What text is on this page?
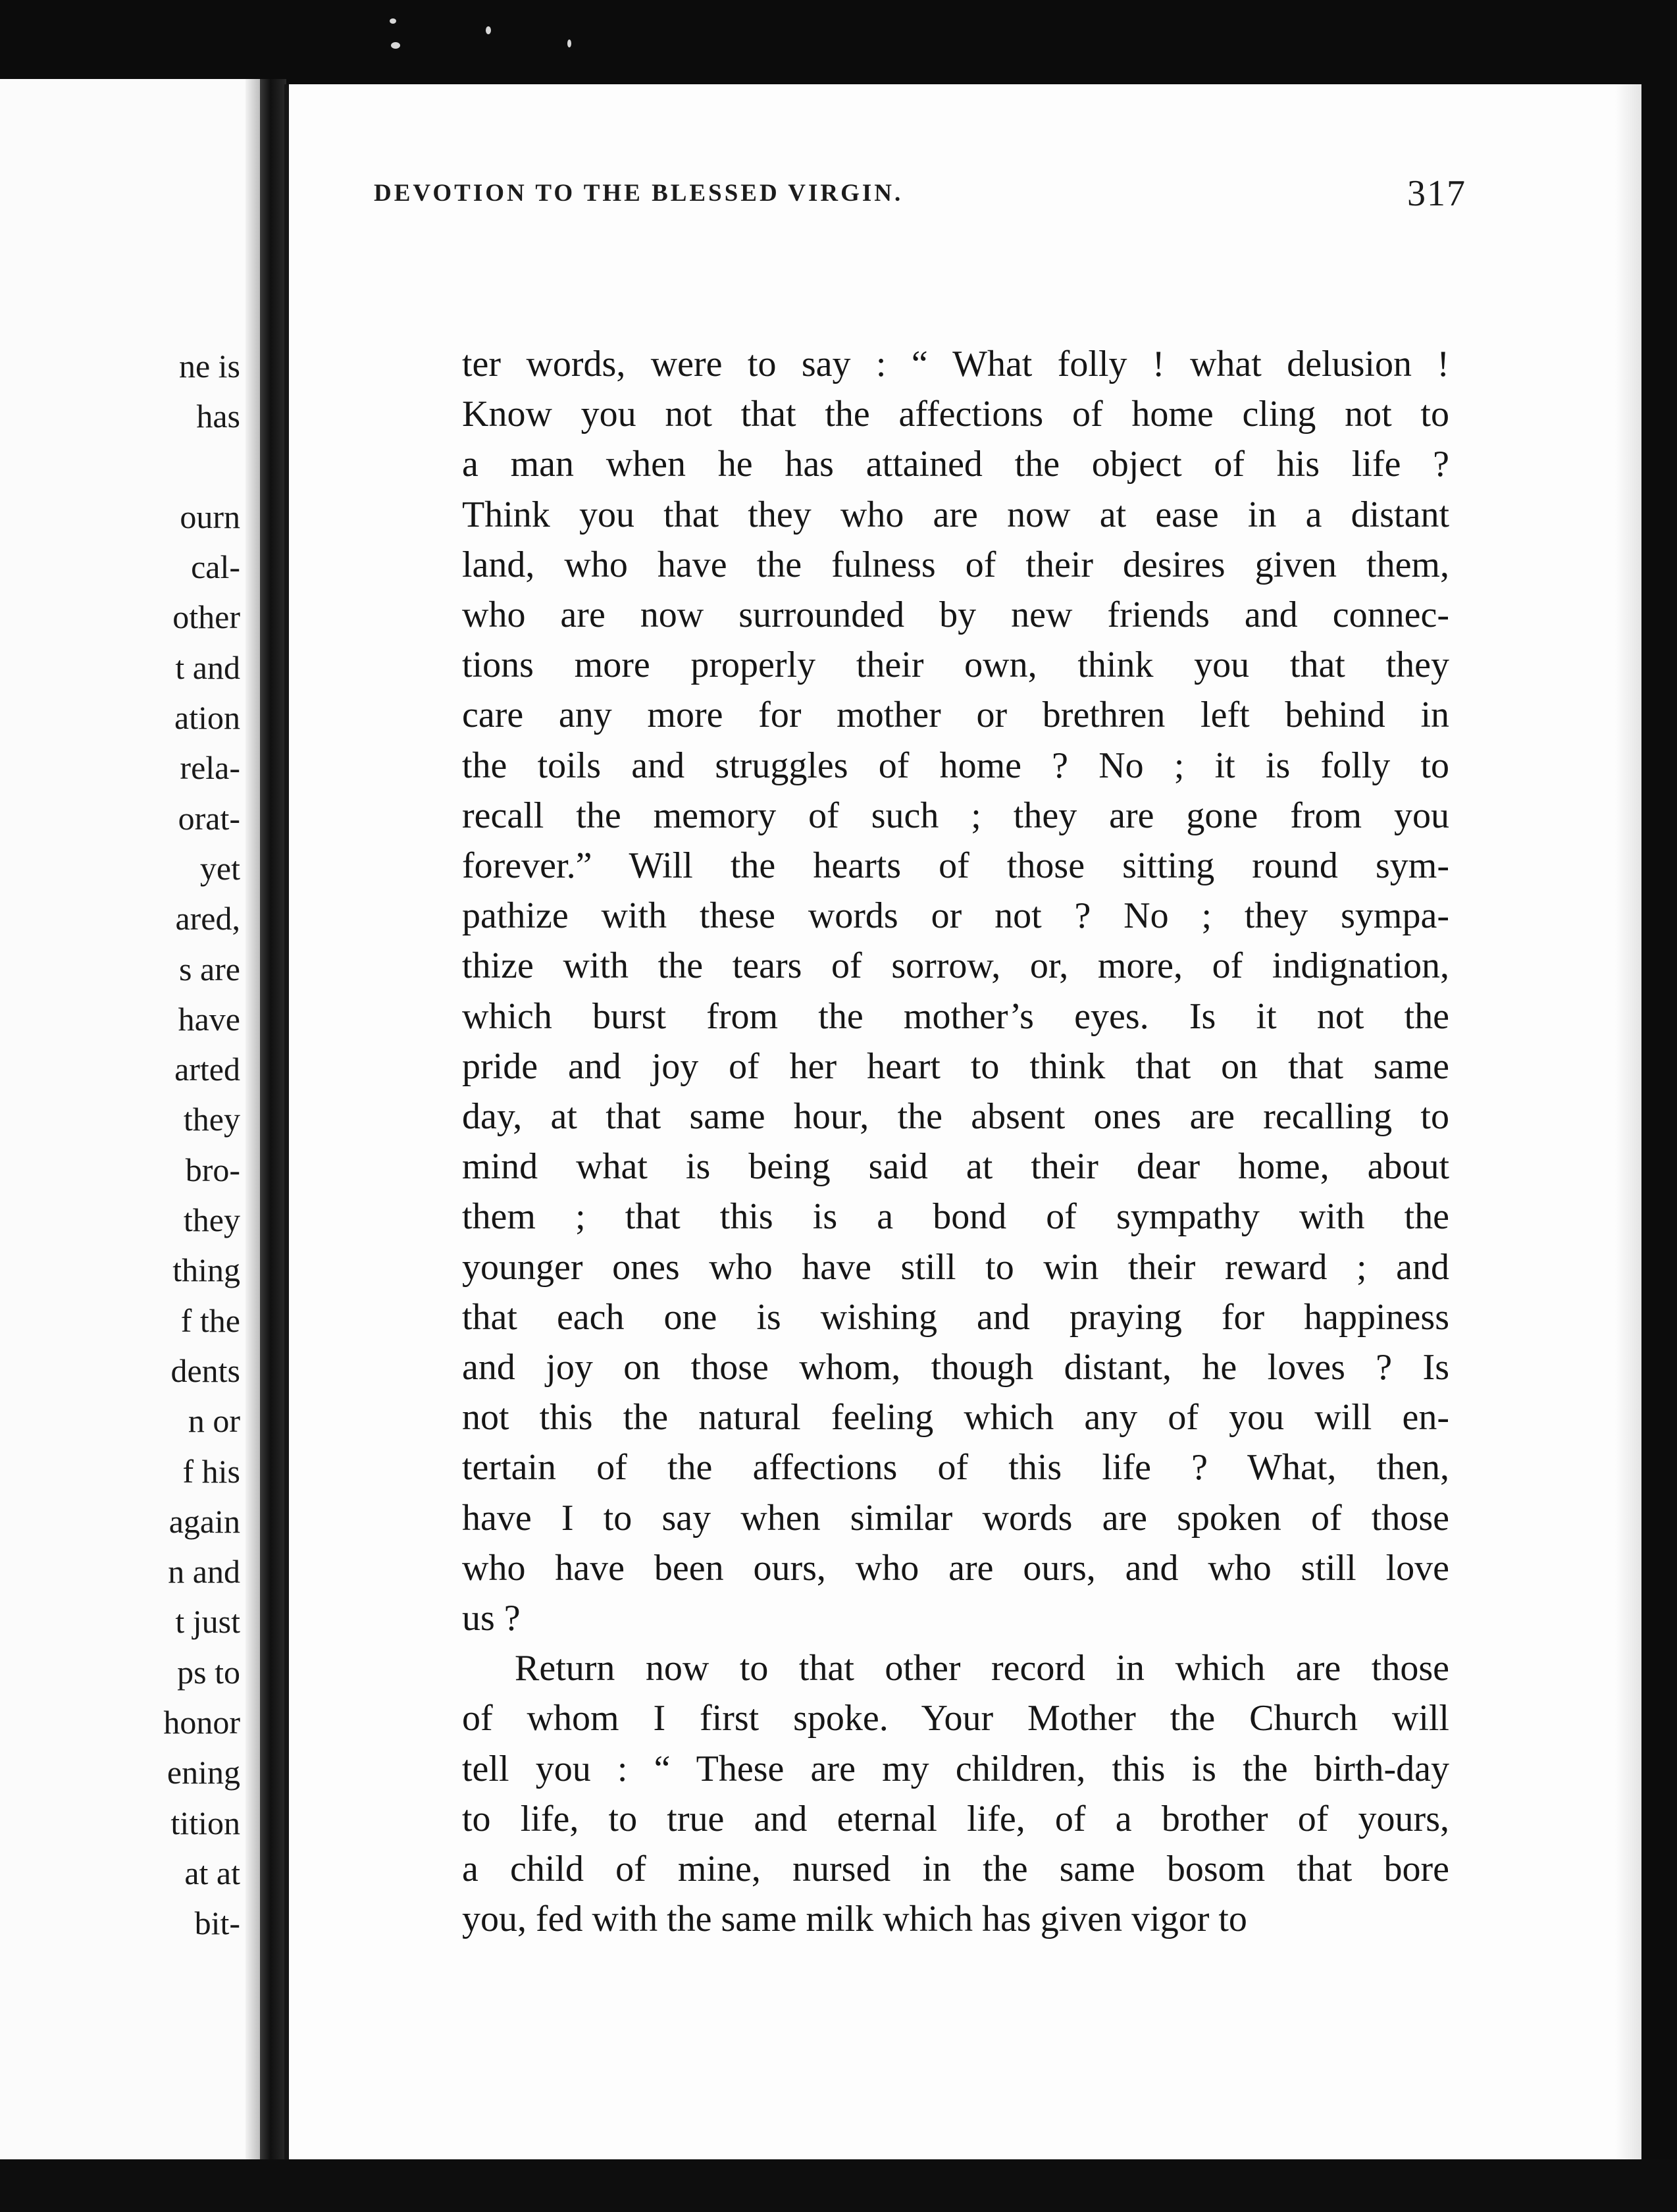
ne is
has

ourn
cal-
other
t and
ation
rela-
orat-
yet
ared,
s are
have
arted
they
bro-
they
thing
f the
dents
n or
f his
again
n and
t just
ps to
honor
ening
tition
at at
bit-
DEVOTION TO THE BLESSED VIRGIN.	317
ter words, were to say : “ What folly ! what delusion !
Know you not that the affections of home cling not to
a man when he has attained the object of his life ?
Think you that they who are now at ease in a distant
land, who have the fulness of their desires given them,
who are now surrounded by new friends and connec-
tions more properly their own, think you that they
care any more for mother or brethren left behind in
the toils and struggles of home ? No ; it is folly to
recall the memory of such ; they are gone from you
forever.” Will the hearts of those sitting round sym-
pathize with these words or not ? No ; they sympa-
thize with the tears of sorrow, or, more, of indignation,
which burst from the mother’s eyes. Is it not the
pride and joy of her heart to think that on that same
day, at that same hour, the absent ones are recalling to
mind what is being said at their dear home, about
them ; that this is a bond of sympathy with the
younger ones who have still to win their reward ; and
that each one is wishing and praying for happiness
and joy on those whom, though distant, he loves ? Is
not this the natural feeling which any of you will en-
tertain of the affections of this life ? What, then,
have I to say when similar words are spoken of those
who have been ours, who are ours, and who still love
us ?
Return now to that other record in which are those
of whom I first spoke. Your Mother the Church will
tell you : “ These are my children, this is the birth-day
to life, to true and eternal life, of a brother of yours,
a child of mine, nursed in the same bosom that bore
you, fed with the same milk which has given vigor to
